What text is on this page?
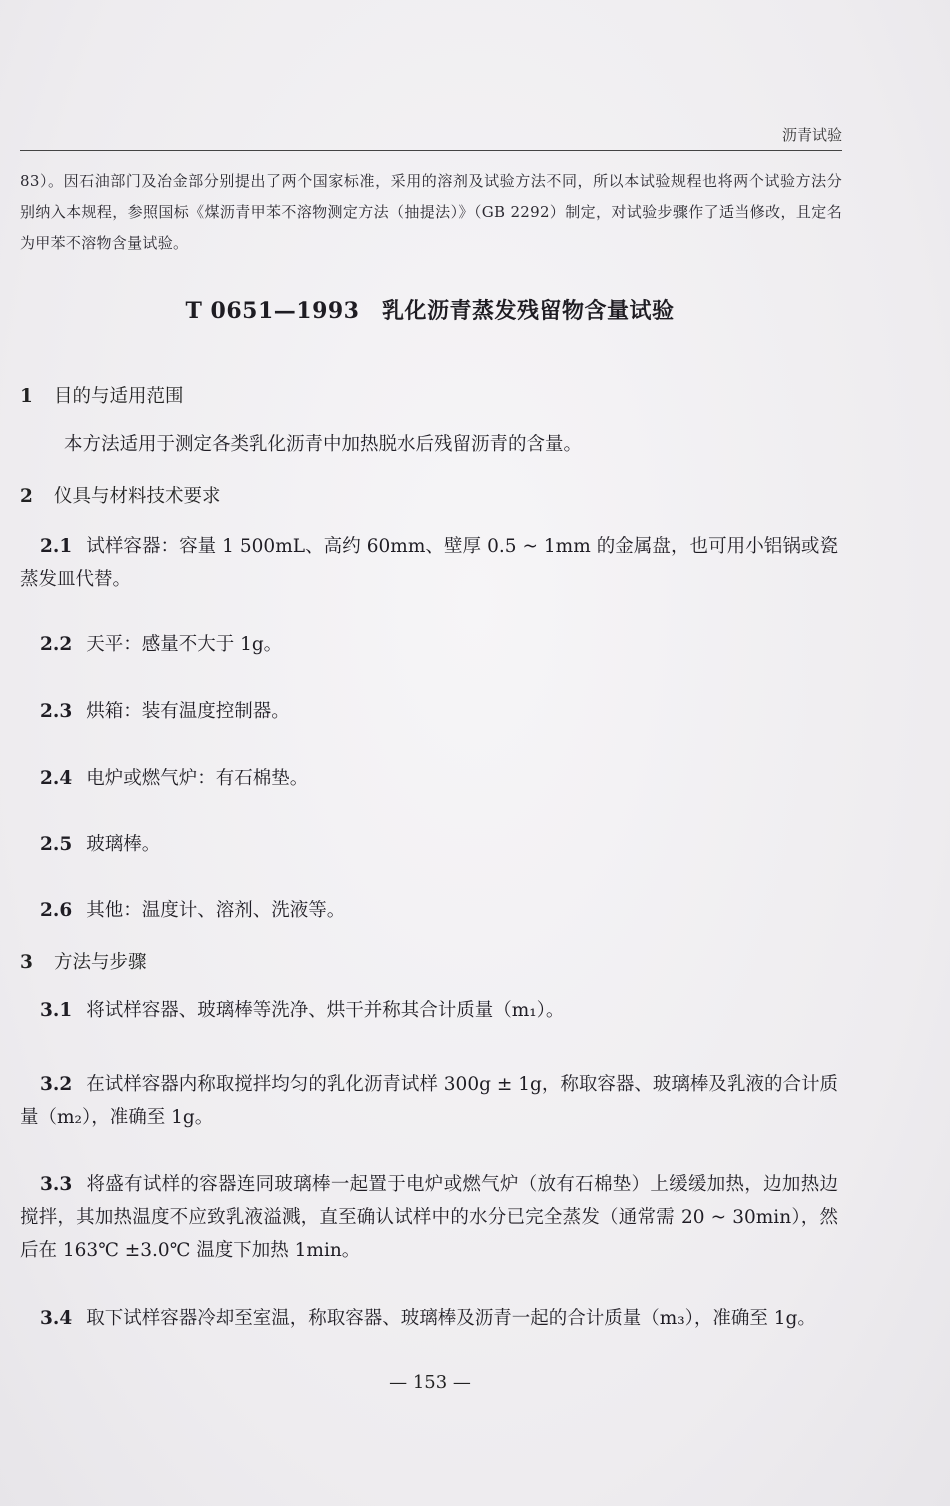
沥青试验
83）。因石油部门及冶金部分别提出了两个国家标准，采用的溶剂及试验方法不同，所以本试验规程也将两个试验方法分别纳入本规程，参照国标《煤沥青甲苯不溶物测定方法（抽提法）》（GB 2292）制定，对试验步骤作了适当修改，且定名为甲苯不溶物含量试验。
T 0651—1993　乳化沥青蒸发残留物含量试验
1 目的与适用范围
本方法适用于测定各类乳化沥青中加热脱水后残留沥青的含量。
2 仪具与材料技术要求
2.1 试样容器：容量 1 500mL、高约 60mm、壁厚 0.5 ~ 1mm 的金属盘，也可用小铝锅或瓷蒸发皿代替。
2.2 天平：感量不大于 1g。
2.3 烘箱：装有温度控制器。
2.4 电炉或燃气炉：有石棉垫。
2.5 玻璃棒。
2.6 其他：温度计、溶剂、洗液等。
3 方法与步骤
3.1 将试样容器、玻璃棒等洗净、烘干并称其合计质量（m₁）。
3.2 在试样容器内称取搅拌均匀的乳化沥青试样 300g ± 1g，称取容器、玻璃棒及乳液的合计质量（m₂），准确至 1g。
3.3 将盛有试样的容器连同玻璃棒一起置于电炉或燃气炉（放有石棉垫）上缓缓加热，边加热边搅拌，其加热温度不应致乳液溢溅，直至确认试样中的水分已完全蒸发（通常需 20 ~ 30min），然后在 163℃ ±3.0℃ 温度下加热 1min。
3.4 取下试样容器冷却至室温，称取容器、玻璃棒及沥青一起的合计质量（m₃），准确至 1g。
— 153 —
